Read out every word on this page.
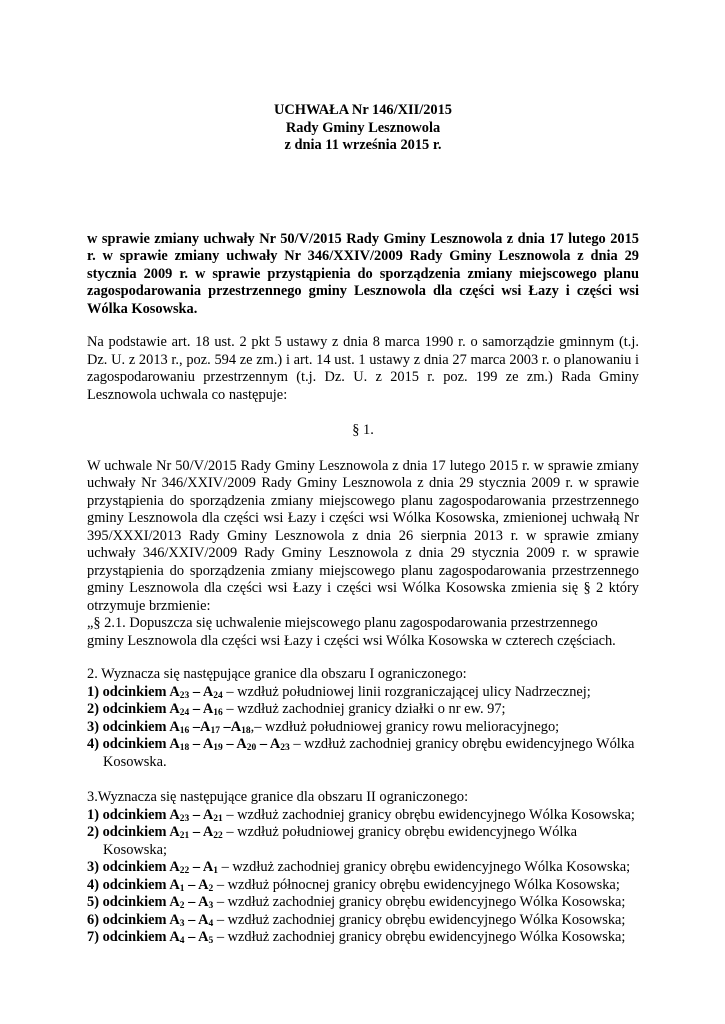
UCHWAŁA Nr 146/XII/2015
Rady Gminy Lesznowola
z dnia 11 września 2015 r.
w sprawie zmiany uchwały Nr 50/V/2015 Rady Gminy Lesznowola z dnia 17 lutego 2015 r. w sprawie zmiany uchwały Nr 346/XXIV/2009 Rady Gminy Lesznowola z dnia 29 stycznia 2009 r. w sprawie przystąpienia do sporządzenia zmiany miejscowego planu zagospodarowania przestrzennego gminy Lesznowola dla części wsi Łazy i części wsi Wólka Kosowska.
Na podstawie art. 18 ust. 2 pkt 5 ustawy z dnia 8 marca 1990 r. o samorządzie gminnym (t.j. Dz. U. z 2013 r., poz. 594 ze zm.) i art. 14 ust. 1 ustawy z dnia 27 marca 2003 r. o planowaniu i zagospodarowaniu przestrzennym (t.j. Dz. U. z 2015 r. poz. 199 ze zm.) Rada Gminy Lesznowola uchwala co następuje:
§ 1.
W uchwale Nr 50/V/2015 Rady Gminy Lesznowola z dnia 17 lutego 2015 r. w sprawie zmiany uchwały Nr 346/XXIV/2009 Rady Gminy Lesznowola z dnia 29 stycznia 2009 r. w sprawie przystąpienia do sporządzenia zmiany miejscowego planu zagospodarowania przestrzennego gminy Lesznowola dla części wsi Łazy i części wsi Wólka Kosowska, zmienionej uchwałą Nr 395/XXXI/2013 Rady Gminy Lesznowola z dnia 26 sierpnia 2013 r. w sprawie zmiany uchwały 346/XXIV/2009 Rady Gminy Lesznowola z dnia 29 stycznia 2009 r. w sprawie przystąpienia do sporządzenia zmiany miejscowego planu zagospodarowania przestrzennego gminy Lesznowola dla części wsi Łazy i części wsi Wólka Kosowska zmienia się § 2 który otrzymuje brzmienie:
„§ 2.1. Dopuszcza się uchwalenie miejscowego planu zagospodarowania przestrzennego
gminy Lesznowola dla części wsi Łazy i części wsi Wólka Kosowska w czterech częściach.
2. Wyznacza się następujące granice dla obszaru I ograniczonego:
1) odcinkiem $A_{23} - A_{24}$ – wzdłuż południowej linii rozgraniczającej ulicy Nadrzecznej;
2) odcinkiem $A_{24} - A_{16}$ – wzdłuż zachodniej granicy działki o nr ew. 97;
3) odcinkiem $A_{16}$ $-A_{17}$ $-A_{18},-$ wzdłuż południowej granicy rowu melioracyjnego;
4) odcinkiem $A_{18} - A_{19} - A_{20} - A_{23}$ – wzdłuż zachodniej granicy obrębu ewidencyjnego Wólka Kosowska.
3.Wyznacza się następujące granice dla obszaru II ograniczonego:
1) odcinkiem $A_{23} - A_{21}$ – wzdłuż zachodniej granicy obrębu ewidencyjnego Wólka Kosowska;
2) odcinkiem $A_{21} - A_{22}$ – wzdłuż południowej granicy obrębu ewidencyjnego Wólka Kosowska;
3) odcinkiem $A_{22} - A_1$ – wzdłuż zachodniej granicy obrębu ewidencyjnego Wólka Kosowska;
4) odcinkiem $A_1 - A_2$ – wzdłuż północnej granicy obrębu ewidencyjnego Wólka Kosowska;
5) odcinkiem $A_2 - A_3$ – wzdłuż zachodniej granicy obrębu ewidencyjnego Wólka Kosowska;
6) odcinkiem $A_3 - A_4$ – wzdłuż zachodniej granicy obrębu ewidencyjnego Wólka Kosowska;
7) odcinkiem $A_4 - A_5$ – wzdłuż zachodniej granicy obrębu ewidencyjnego Wólka Kosowska;
